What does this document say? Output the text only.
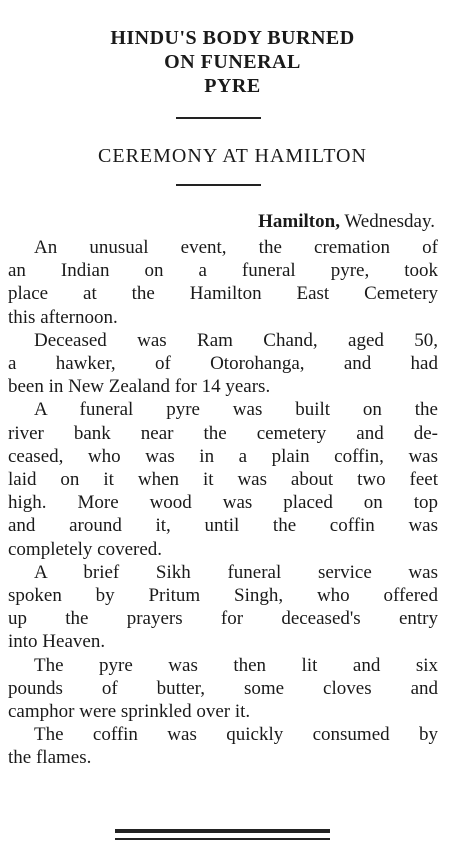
HINDU'S BODY BURNED
ON FUNERAL
PYRE
CEREMONY AT HAMILTON
Hamilton, Wednesday.

An unusual event, the cremation of
an Indian on a funeral pyre, took
place at the Hamilton East Cemetery
this afternoon.

Deceased was Ram Chand, aged 50,
a hawker, of Otorohanga, and had
been in New Zealand for 14 years.

A funeral pyre was built on the
river bank near the cemetery and de-
ceased, who was in a plain coffin, was
laid on it when it was about two feet
high. More wood was placed on top
and around it, until the coffin was
completely covered.

A brief Sikh funeral service was
spoken by Pritum Singh, who offered
up the prayers for deceased's entry
into Heaven.

The pyre was then lit and six
pounds of butter, some cloves and
camphor were sprinkled over it.

The coffin was quickly consumed by
the flames.
